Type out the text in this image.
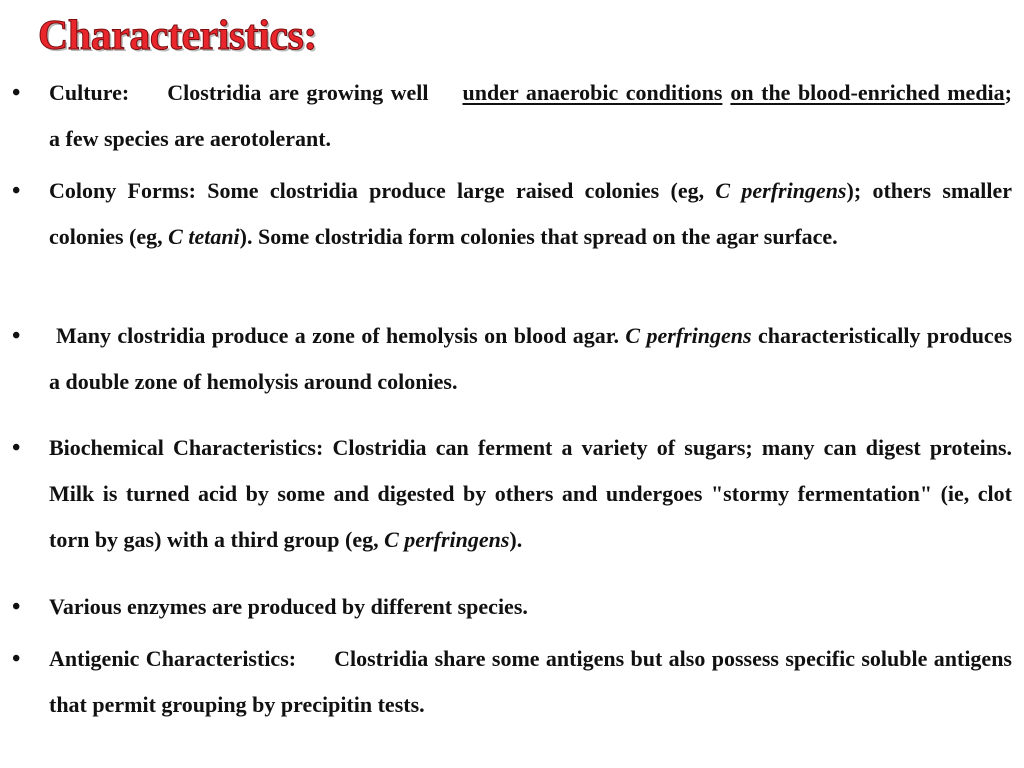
Characteristics:
• Culture: Clostridia are growing well under anaerobic conditions on the blood-enriched media; a few species are aerotolerant.
• Colony Forms: Some clostridia produce large raised colonies (eg, C perfringens); others smaller colonies (eg, C tetani). Some clostridia form colonies that spread on the agar surface.
•	Many clostridia produce a zone of hemolysis on blood agar. C perfringens characteristically produces a double zone of hemolysis around colonies.
• Biochemical Characteristics: Clostridia can ferment a variety of sugars; many can digest proteins. Milk is turned acid by some and digested by others and undergoes "stormy fermentation" (ie, clot torn by gas) with a third group (eg, C perfringens).
• Various enzymes are produced by different species.
• Antigenic Characteristics: Clostridia share some antigens but also possess specific soluble antigens that permit grouping by precipitin tests.
